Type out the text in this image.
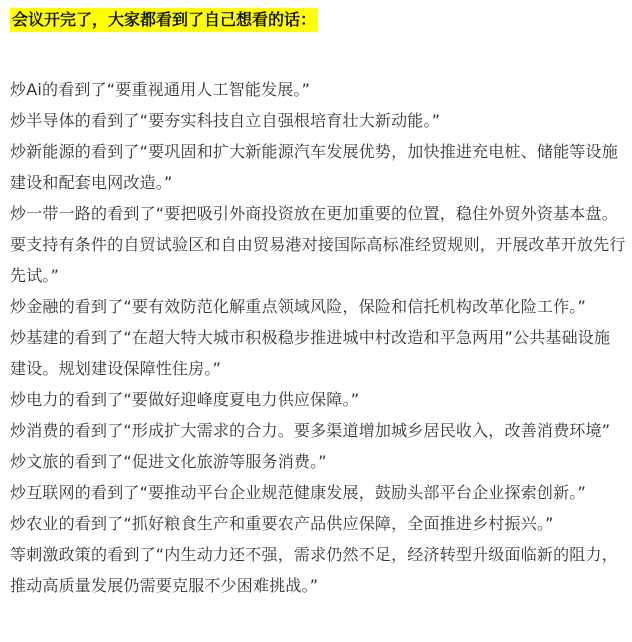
会议开完了，大家都看到了自己想看的话：
炒Ai的看到了“要重视通用人工智能发展。”
炒半导体的看到了“要夯实科技自立自强根培育壮大新动能。”
炒新能源的看到了“要巩固和扩大新能源汽车发展优势，加快推进充电桩、储能等设施建设和配套电网改造。”
炒一带一路的看到了“要把吸引外商投资放在更加重要的位置，稳住外贸外资基本盘。要支持有条件的自贸试验区和自由贸易港对接国际高标准经贸规则，开展改革开放先行先试。”
炒金融的看到了“要有效防范化解重点领域风险，保险和信托机构改革化险工作。”
炒基建的看到了“在超大特大城市积极稳步推进城中村改造和平急两用”公共基础设施建设。规划建设保障性住房。”
炒电力的看到了“要做好迎峰度夏电力供应保障。”
炒消费的看到了“形成扩大需求的合力。要多渠道增加城乡居民收入，改善消费环境”
炒文旅的看到了“促进文化旅游等服务消费。”
炒互联网的看到了“要推动平台企业规范健康发展，鼓励头部平台企业探索创新。”
炒农业的看到了“抓好粮食生产和重要农产品供应保障，全面推进乡村振兴。”
等刺激政策的看到了“内生动力还不强，需求仍然不足，经济转型升级面临新的阻力，推动高质量发展仍需要克服不少困难挑战。”
